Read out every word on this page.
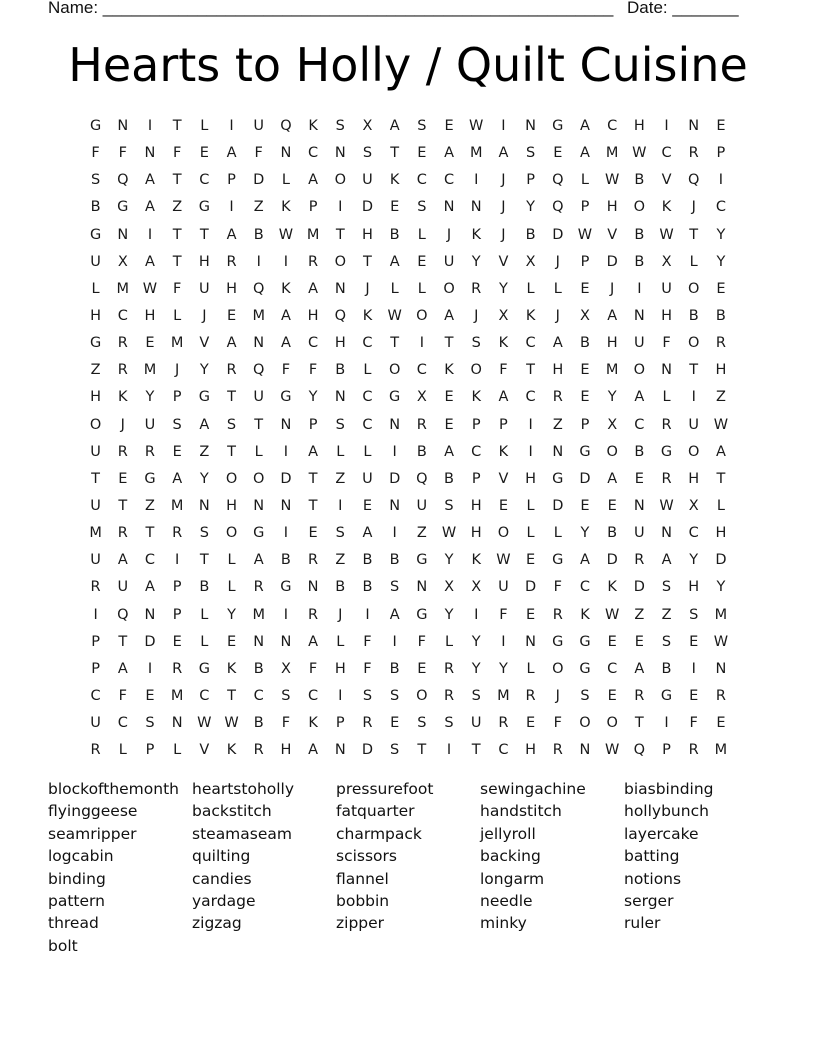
Name: ______________________________________________________ Date: _______
Hearts to Holly / Quilt Cuisine
G	N	I	T	L	I	U	Q	K	S	X	A	S	E	W	I	N	G	A	C	H	I	N	E
F	F	N	F	E	A	F	N	C	N	S	T	E	A	M	A	S	E	A	M W	C	R	P
S	Q	A	T	C	P	D	L	A	O	U	K	C	C	I	J	P	Q	L	W	B	V	Q	I
B	G	A	Z	G	I	Z	K	P	I	D	E	S	N	N	J	Y	Q	P	H	O	K	J	C
G	N	I	T	T	A	B	W M	T	H	B	L	J	K	J	B	D W	V	B	W	T	Y
U	X	A	T	H	R	I	I	R	O	T	A	E	U	Y	V	X	J	P	D	B	X	L	Y
L	M W	F	U	H	Q	K	A	N	J	L	L	O	R	Y	L	L	E	J	I	U	O	E
H	C	H	L	J	E	M	A	H	Q	K	W O	A	J	X	K	J	X	A	N	H	B	B
G	R	E	M	V	A	N	A	C	H	C	T	I	T	S	K	C	A	B	H	U	F	O	R
Z	R	M	J	Y	R	Q	F	F	B	L	O	C	K	O	F	T	H	E	M	O	N	T	H
H	K	Y	P	G	T	U	G	Y	N	C	G	X	E	K	A	C	R	E	Y	A	L	I	Z
O	J	U	S	A	S	T	N	P	S	C	N	R	E	P	P	I	Z	P	X	C	R	U	W
U	R	R	E	Z	T	L	I	A	L	L	I	B	A	C	K	I	N	G	O	B	G	O	A
T	E	G	A	Y	O	O	D	T	Z	U	D	Q	B	P	V	H	G	D	A	E	R	H	T
U	T	Z	M	N	H	N	N	T	I	E	N	U	S	H	E	L	D	E	E	N	W	X	L
M	R	T	R	S	O	G	I	E	S	A	I	Z	W	H	O	L	L	Y	B	U	N	C	H
U	A	C	I	T	L	A	B	R	Z	B	B	G	Y	K	W	E	G	A	D	R	A	Y	D
R	U	A	P	B	L	R	G	N	B	B	S	N	X	X	U	D	F	C	K	D	S	H	Y
I	Q	N	P	L	Y	M	I	R	J	I	A	G	Y	I	F	E	R	K	W	Z	Z	S	M
P	T	D	E	L	E	N	N	A	L	F	I	F	L	Y	I	N	G	G	E	E	S	E	W
P	A	I	R	G	K	B	X	F	H	F	B	E	R	Y	Y	L	O	G	C	A	B	I	N
C	F	E	M	C	T	C	S	C	I	S	S	O	R	S	M	R	J	S	E	R	G	E	R
U	C	S	N	W W	B	F	K	P	R	E	S	S	U	R	E	F	O	O	T	I	F	E
R	L	P	L	V	K	R	H	A	N	D	S	T	I	T	C	H	R	N	W Q	P	R	M
blockofthemonth heartstoholly	pressurefoot	sewingachine	biasbinding
flyinggeese	backstitch	fatquarter	handstitch	hollybunch
seamripper	steamaseam	charmpack	jellyroll	layercake
logcabin	quilting	scissors	backing	batting
binding	candies	flannel	longarm	notions
pattern	yardage	bobbin	needle	serger
thread	zigzag	zipper	minky	ruler
bolt
